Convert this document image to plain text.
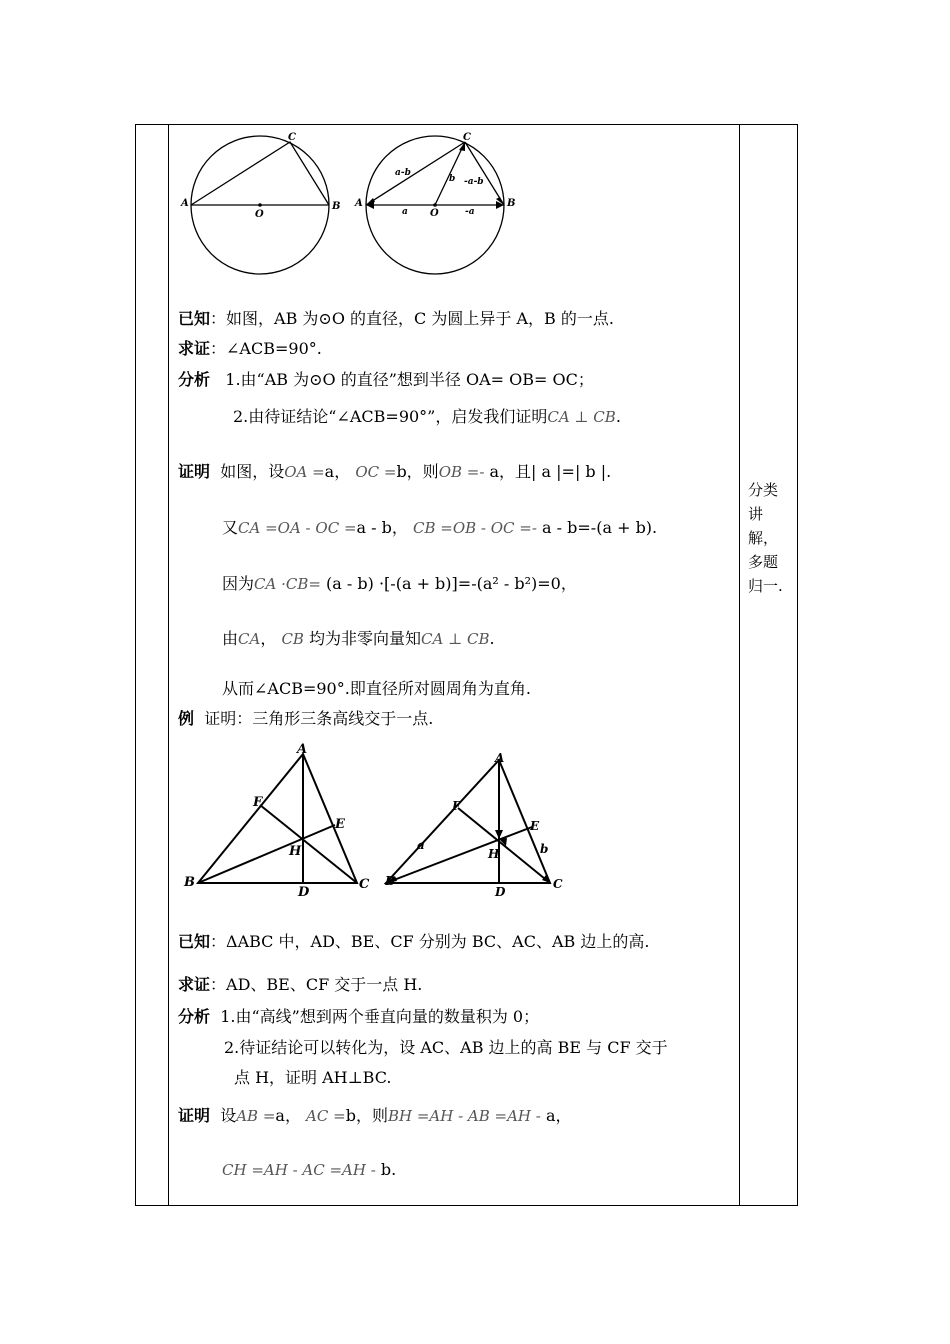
C
A	B
O
C
A	B
O
a-b
b -a-b
a	-a
已知：如图，AB 为⊙O 的直径，C 为圆上异于 A，B 的一点.
求证：∠ACB=90°.
分析 1.由“AB 为⊙O 的直径”想到半径 OA= OB= OC；
2.由待证结论“∠ACB=90°”，启发我们证明CA ⊥ CB.
证明 如图，设OA =a， OC =b，则OB =- a，且| a |=| b |.
又CA =OA - OC =a - b， CB =OB - OC =- a - b=-(a + b).
因为CA ·CB= (a - b) ·[-(a + b)]=-(a² - b²)=0，
由CA， CB 均为非零向量知CA ⊥ CB.
从而∠ACB=90°.即直径所对圆周角为直角.
例 证明：三角形三条高线交于一点.
A
B	C
D
E
F
H
A
B	C
D
E
F
H
a	b
已知：ΔABC 中，AD、BE、CF 分别为 BC、AC、AB 边上的高.
求证：AD、BE、CF 交于一点 H.
分析 1.由“高线”想到两个垂直向量的数量积为 0；
2.待证结论可以转化为，设 AC、AB 边上的高 BE 与 CF 交于
点 H，证明 AH⊥BC.
证明 设AB =a， AC =b，则BH =AH - AB =AH - a，
CH =AH - AC =AH - b.
分类
讲
解，
多题
归一.
